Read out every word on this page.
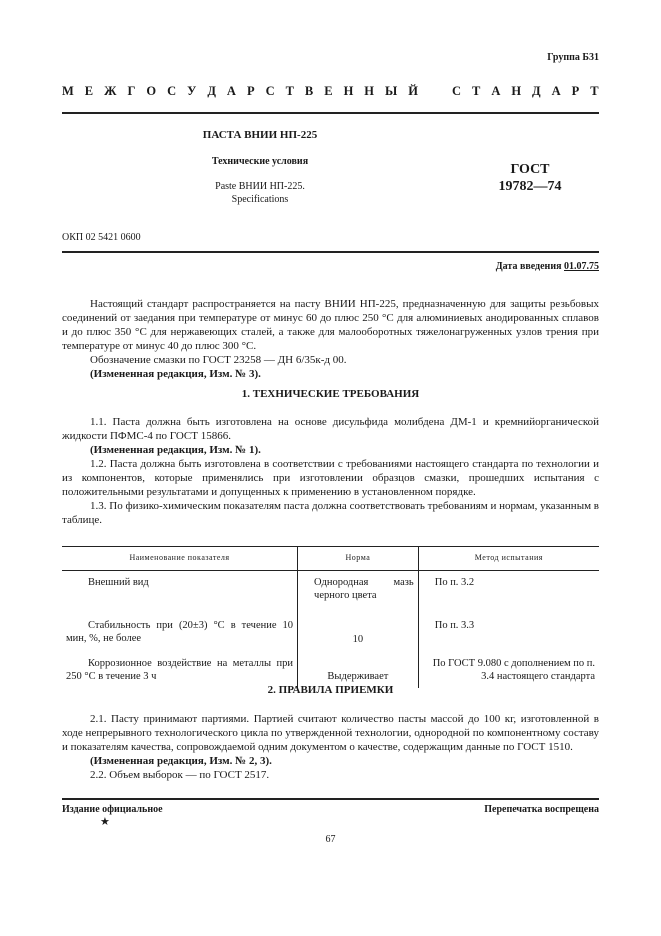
Группа Б31
М Е Ж Г О С У Д А Р С Т В Е Н Н Ы Й	С Т А Н Д А Р Т
ПАСТА ВНИИ НП-225
Технические условия
Paste ВНИИ НП-225.
Specifications
ГОСТ
19782—74
ОКП 02 5421 0600
Дата введения 01.07.75

Настоящий стандарт распространяется на пасту ВНИИ НП-225, предназначенную для защиты резьбовых соединений от заедания при температуре от минус 60 до плюс 250 °С для алюминиевых анодированных сплавов и до плюс 350 °С для нержавеющих сталей, а также для малооборотных тяжелонагруженных узлов трения при температуре от минус 40 до плюс 300 °С.

Обозначение смазки по ГОСТ 23258 — ДН 6/35к-д 00.

(Измененная редакция, Изм. № 3).

1. ТЕХНИЧЕСКИЕ ТРЕБОВАНИЯ

1.1. Паста должна быть изготовлена на основе дисульфида молибдена ДМ-1 и кремнийорганической жидкости ПФМС-4 по ГОСТ 15866.

(Измененная редакция, Изм. № 1).

1.2. Паста должна быть изготовлена в соответствии с требованиями настоящего стандарта по технологии и из компонентов, которые применялись при изготовлении образцов смазки, прошедших испытания с положительными результатами и допущенных к применению в установленном порядке.

1.3. По физико-химическим показателям паста должна соответствовать требованиям и нормам, указанным в таблице.

Наименование показателя	Норма	Метод испытания
Внешний вид	Однородная мазь черного цвета	По п. 3.2
Стабильность при (20±3) °С в течение 10 мин, %, не более	10	По п. 3.3
Коррозионное воздействие на металлы при 250 °С в течение 3 ч	Выдерживает	По ГОСТ 9.080 с дополнением по п. 3.4 настоящего стандарта
2. ПРАВИЛА ПРИЕМКИ

2.1. Пасту принимают партиями. Партией считают количество пасты массой до 100 кг, изготовленной в ходе непрерывного технологического цикла по утвержденной технологии, однородной по компонентному составу и показателям качества, сопровождаемой одним документом о качестве, содержащим данные по ГОСТ 1510.

(Измененная редакция, Изм. № 2, 3).

2.2. Объем выборок — по ГОСТ 2517.

Издание официальное
★
Перепечатка воспрещена
67
